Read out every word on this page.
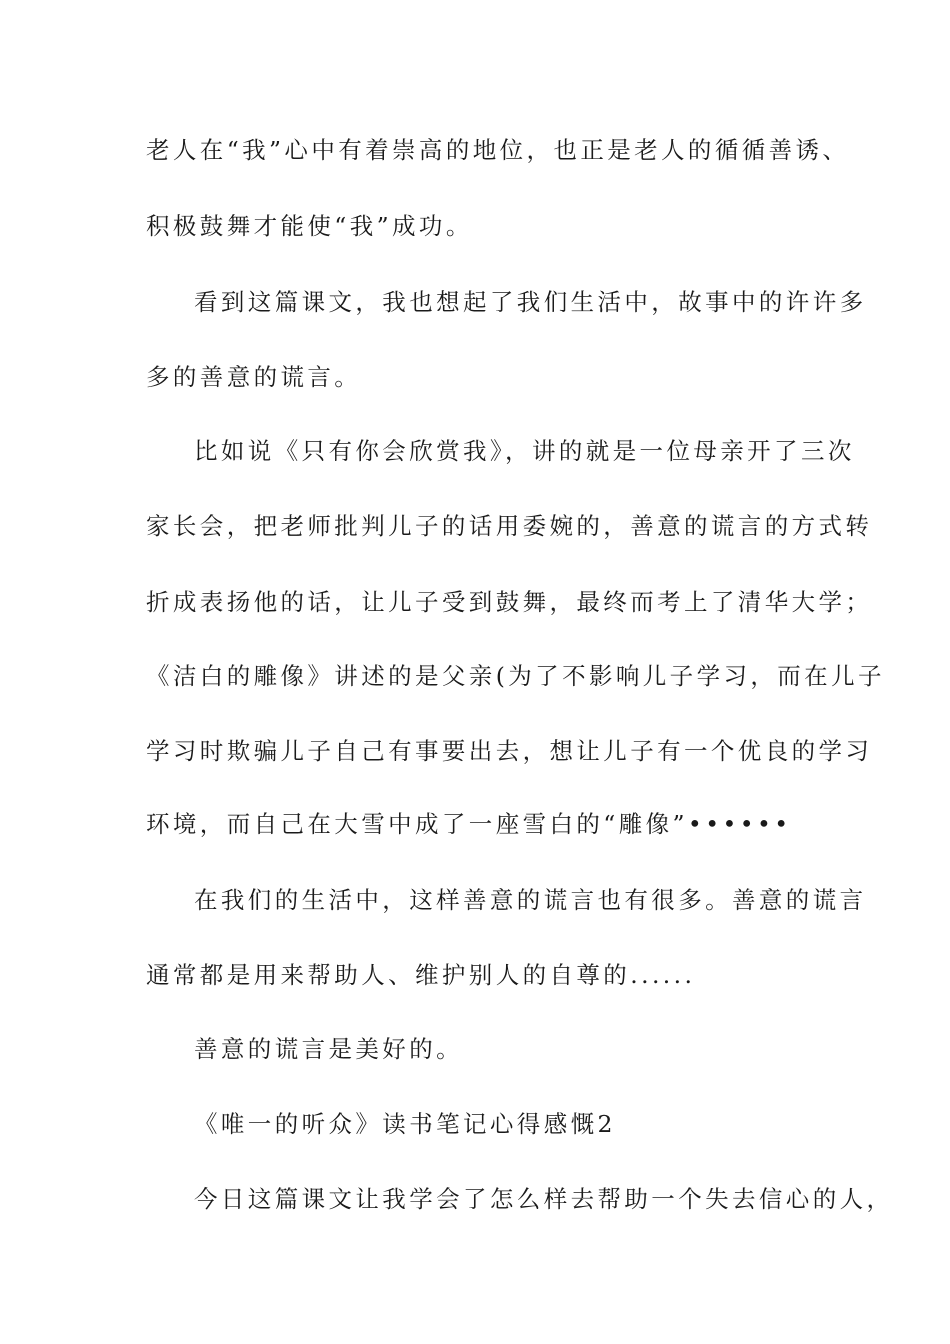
老人在“我”心中有着崇高的地位，也正是老人的循循善诱、
积极鼓舞才能使“我”成功。
看到这篇课文，我也想起了我们生活中，故事中的许许多
多的善意的谎言。
比如说《只有你会欣赏我》，讲的就是一位母亲开了三次
家长会，把老师批判儿子的话用委婉的，善意的谎言的方式转
折成表扬他的话，让儿子受到鼓舞，最终而考上了清华大学；
《洁白的雕像》讲述的是父亲(为了不影响儿子学习，而在儿子
学习时欺骗儿子自己有事要出去，想让儿子有一个优良的学习
环境，而自己在大雪中成了一座雪白的“雕像”••••••
在我们的生活中，这样善意的谎言也有很多。善意的谎言
通常都是用来帮助人、维护别人的自尊的......
善意的谎言是美好的。
《唯一的听众》读书笔记心得感慨2
今日这篇课文让我学会了怎么样去帮助一个失去信心的人，
